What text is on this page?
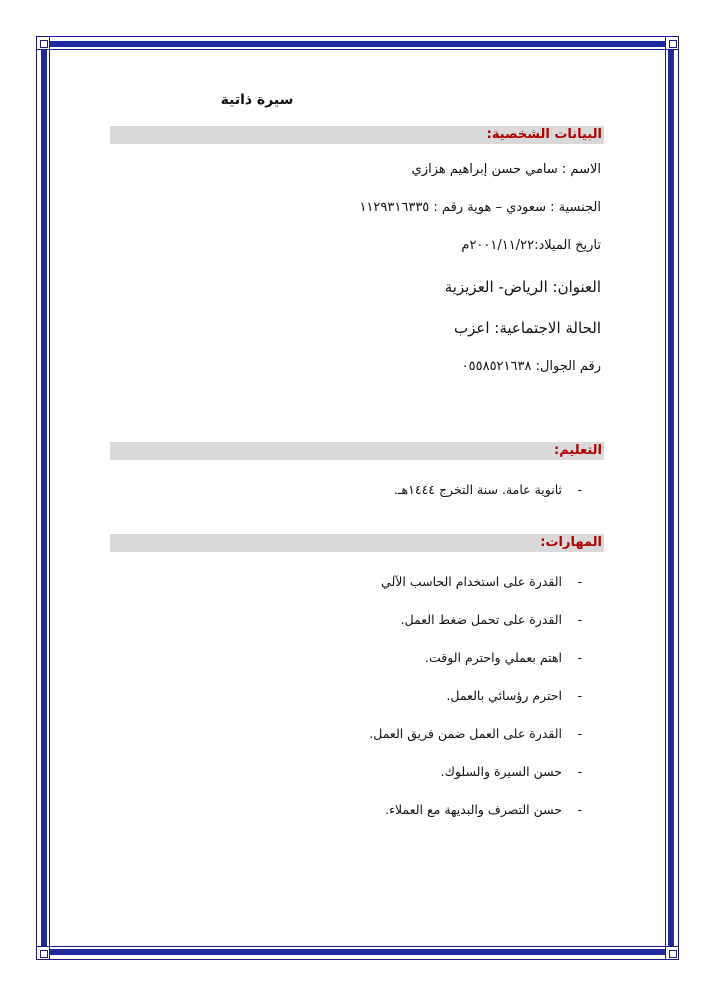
سيرة ذاتية
البيانات الشخصية:
الاسم : سامي حسن إبراهيم هزازي
الجنسية : سعودي – هوية رقم : ١١٢٩٣١٦٣٣٥
تاريخ الميلاد:٢٠٠١/١١/٢٢م
العنوان: الرياض- العزيزية
الحالة الاجتماعية: اعزب
رقم الجوال: ٠٥٥٨٥٢١٦٣٨
التعليم:
-
ثانوية عامة. سنة التخرج ١٤٤٤هـ.
المهارات:
-
القدرة على استخدام الحاسب الآلي
-
القدرة على تحمل ضغط العمل.
-
اهتم بعملي واحترم الوقت.
-
احترم رؤسائي بالعمل.
-
القدرة على العمل ضمن فريق العمل.
-
حسن السيرة والسلوك.
-
حسن التصرف والبديهة مع العملاء.
